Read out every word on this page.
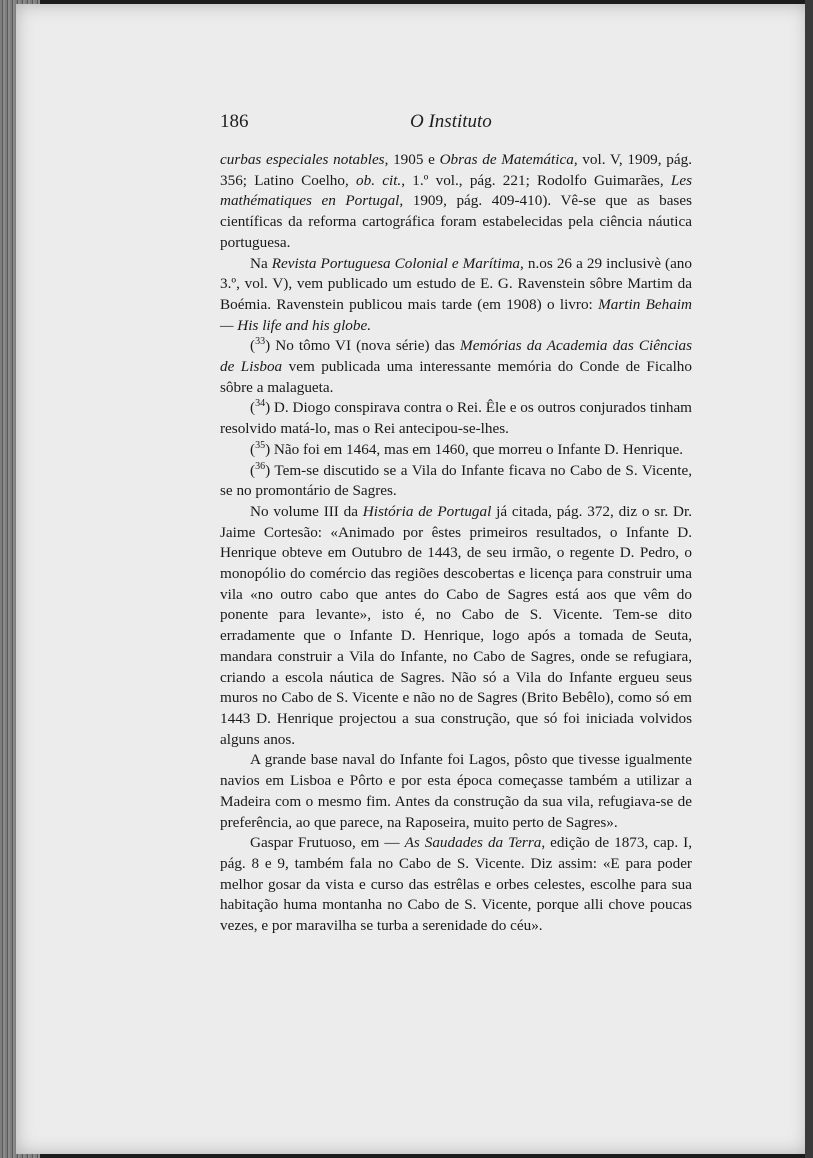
186	O Instituto

curbas especiales notables, 1905 e Obras de Matemática, vol. V, 1909, pág. 356; Latino Coelho, ob. cit., 1.º vol., pág. 221; Rodolfo Guimarães, Les mathématiques en Portugal, 1909, pág. 409-410). Vê-se que as bases científicas da reforma cartográfica foram estabelecidas pela ciência náutica portuguesa.

Na Revista Portuguesa Colonial e Marítima, n.os 26 a 29 inclusivè (ano 3.º, vol. V), vem publicado um estudo de E. G. Ravenstein sôbre Martim da Boémia. Ravenstein publicou mais tarde (em 1908) o livro: Martin Behaim — His life and his globe.

($^{33}$) No tômo VI (nova série) das Memórias da Academia das Ciências de Lisboa vem publicada uma interessante memória do Conde de Ficalho sôbre a malagueta.

($^{34}$) D. Diogo conspirava contra o Rei. Êle e os outros conjurados tinham resolvido matá-lo, mas o Rei antecipou-se-lhes.

($^{35}$) Não foi em 1464, mas em 1460, que morreu o Infante D. Henrique.

($^{36}$) Tem-se discutido se a Vila do Infante ficava no Cabo de S. Vicente, se no promontário de Sagres.

No volume III da História de Portugal já citada, pág. 372, diz o sr. Dr. Jaime Cortesão: «Animado por êstes primeiros resultados, o Infante D. Henrique obteve em Outubro de 1443, de seu irmão, o regente D. Pedro, o monopólio do comércio das regiões descobertas e licença para construir uma vila «no outro cabo que antes do Cabo de Sagres está aos que vêm do ponente para levante», isto é, no Cabo de S. Vicente. Tem-se dito erradamente que o Infante D. Henrique, logo após a tomada de Seuta, mandara construir a Vila do Infante, no Cabo de Sagres, onde se refugiara, criando a escola náutica de Sagres. Não só a Vila do Infante ergueu seus muros no Cabo de S. Vicente e não no de Sagres (Brito Bebêlo), como só em 1443 D. Henrique projectou a sua construção, que só foi iniciada volvidos alguns anos.

A grande base naval do Infante foi Lagos, pôsto que tivesse igualmente navios em Lisboa e Pôrto e por esta época começasse também a utilizar a Madeira com o mesmo fim. Antes da construção da sua vila, refugiava-se de preferência, ao que parece, na Raposeira, muito perto de Sagres».

Gaspar Frutuoso, em — As Saudades da Terra, edição de 1873, cap. I, pág. 8 e 9, também fala no Cabo de S. Vicente. Diz assim: «E para poder melhor gosar da vista e curso das estrêlas e orbes celestes, escolhe para sua habitação huma montanha no Cabo de S. Vicente, porque alli chove poucas vezes, e por maravilha se turba a serenidade do céu».
